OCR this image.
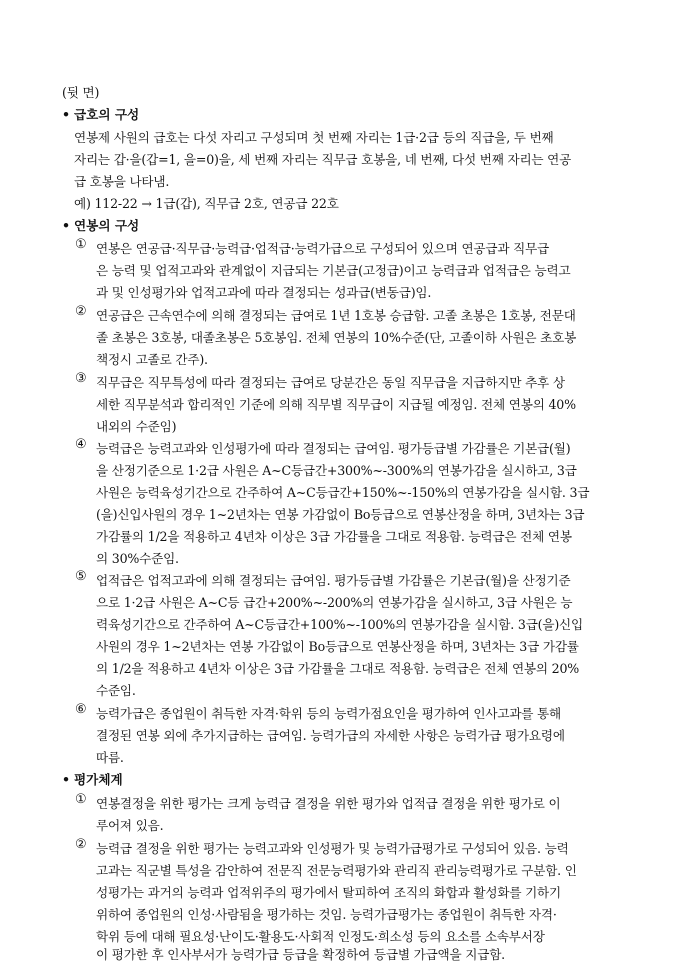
(뒷 면)
• 급호의 구성
연봉제 사원의 급호는 다섯 자리고 구성되며 첫 번째 자리는 1급·2급 등의 직급을, 두 번째
자리는 갑·을(갑=1, 을=0)을, 세 번째 자리는 직무급 호봉을, 네 번째, 다섯 번째 자리는 연공
급 호봉을 나타냄.
예) 112-22 → 1급(갑), 직무급 2호, 연공급 22호
• 연봉의 구성
① 연봉은 연공급·직무급·능력급·업적급·능력가급으로 구성되어 있으며 연공급과 직무급
은 능력 및 업적고과와 관계없이 지급되는 기본급(고정급)이고 능력급과 업적급은 능력고
과 및 인성평가와 업적고과에 따라 결정되는 성과급(변동급)임.
② 연공급은 근속연수에 의해 결정되는 급여로 1년 1호봉 승급함. 고졸 초봉은 1호봉, 전문대
졸 초봉은 3호봉, 대졸초봉은 5호봉임. 전체 연봉의 10%수준(단, 고졸이하 사원은 초호봉
책정시 고졸로 간주).
③ 직무급은 직무특성에 따라 결정되는 급여로 당분간은 동일 직무급을 지급하지만 추후 상
세한 직무분석과 합리적인 기준에 의해 직무별 직무급이 지급될 예정임. 전체 연봉의 40%
내외의 수준임)
④ 능력급은 능력고과와 인성평가에 따라 결정되는 급여임. 평가등급별 가감률은 기본급(월)
을 산정기준으로 1·2급 사원은 A~C등급간+300%~-300%의 연봉가감을 실시하고, 3급
사원은 능력육성기간으로 간주하여 A~C등급간+150%~-150%의 연봉가감을 실시함. 3급
(을)신입사원의 경우 1~2년차는 연봉 가감없이 Bo등급으로 연봉산정을 하며, 3년차는 3급
가감률의 1/2을 적용하고 4년차 이상은 3급 가감률을 그대로 적용함. 능력급은 전체 연봉
의 30%수준임.
⑤ 업적급은 업적고과에 의해 결정되는 급여임. 평가등급별 가감률은 기본급(월)을 산정기준
으로 1·2급 사원은 A~C등 급간+200%~-200%의 연봉가감을 실시하고, 3급 사원은 능
력육성기간으로 간주하여 A~C등급간+100%~-100%의 연봉가감을 실시함. 3급(을)신입
사원의 경우 1~2년차는 연봉 가감없이 Bo등급으로 연봉산정을 하며, 3년차는 3급 가감률
의 1/2을 적용하고 4년차 이상은 3급 가감률을 그대로 적용함. 능력급은 전체 연봉의 20%
수준임.
⑥ 능력가급은 종업원이 취득한 자격·학위 등의 능력가점요인을 평가하여 인사고과를 통해
결정된 연봉 외에 추가지급하는 급여임. 능력가급의 자세한 사항은 능력가급 평가요령에
따름.
• 평가체계
① 연봉결정을 위한 평가는 크게 능력급 결정을 위한 평가와 업적급 결정을 위한 평가로 이
루어져 있음.
② 능력급 결정을 위한 평가는 능력고과와 인성평가 및 능력가급평가로 구성되어 있음. 능력
고과는 직군별 특성을 감안하여 전문직 전문능력평가와 관리직 관리능력평가로 구분함. 인
성평가는 과거의 능력과 업적위주의 평가에서 탈피하여 조직의 화합과 활성화를 기하기
위하여 종업원의 인성·사람됨을 평가하는 것임. 능력가급평가는 종업원이 취득한 자격·
학위 등에 대해 필요성·난이도·활용도·사회적 인정도·희소성 등의 요소를 소속부서장
이 평가한 후 인사부서가 능력가급 등급을 확정하여 등급별 가급액을 지급함.
